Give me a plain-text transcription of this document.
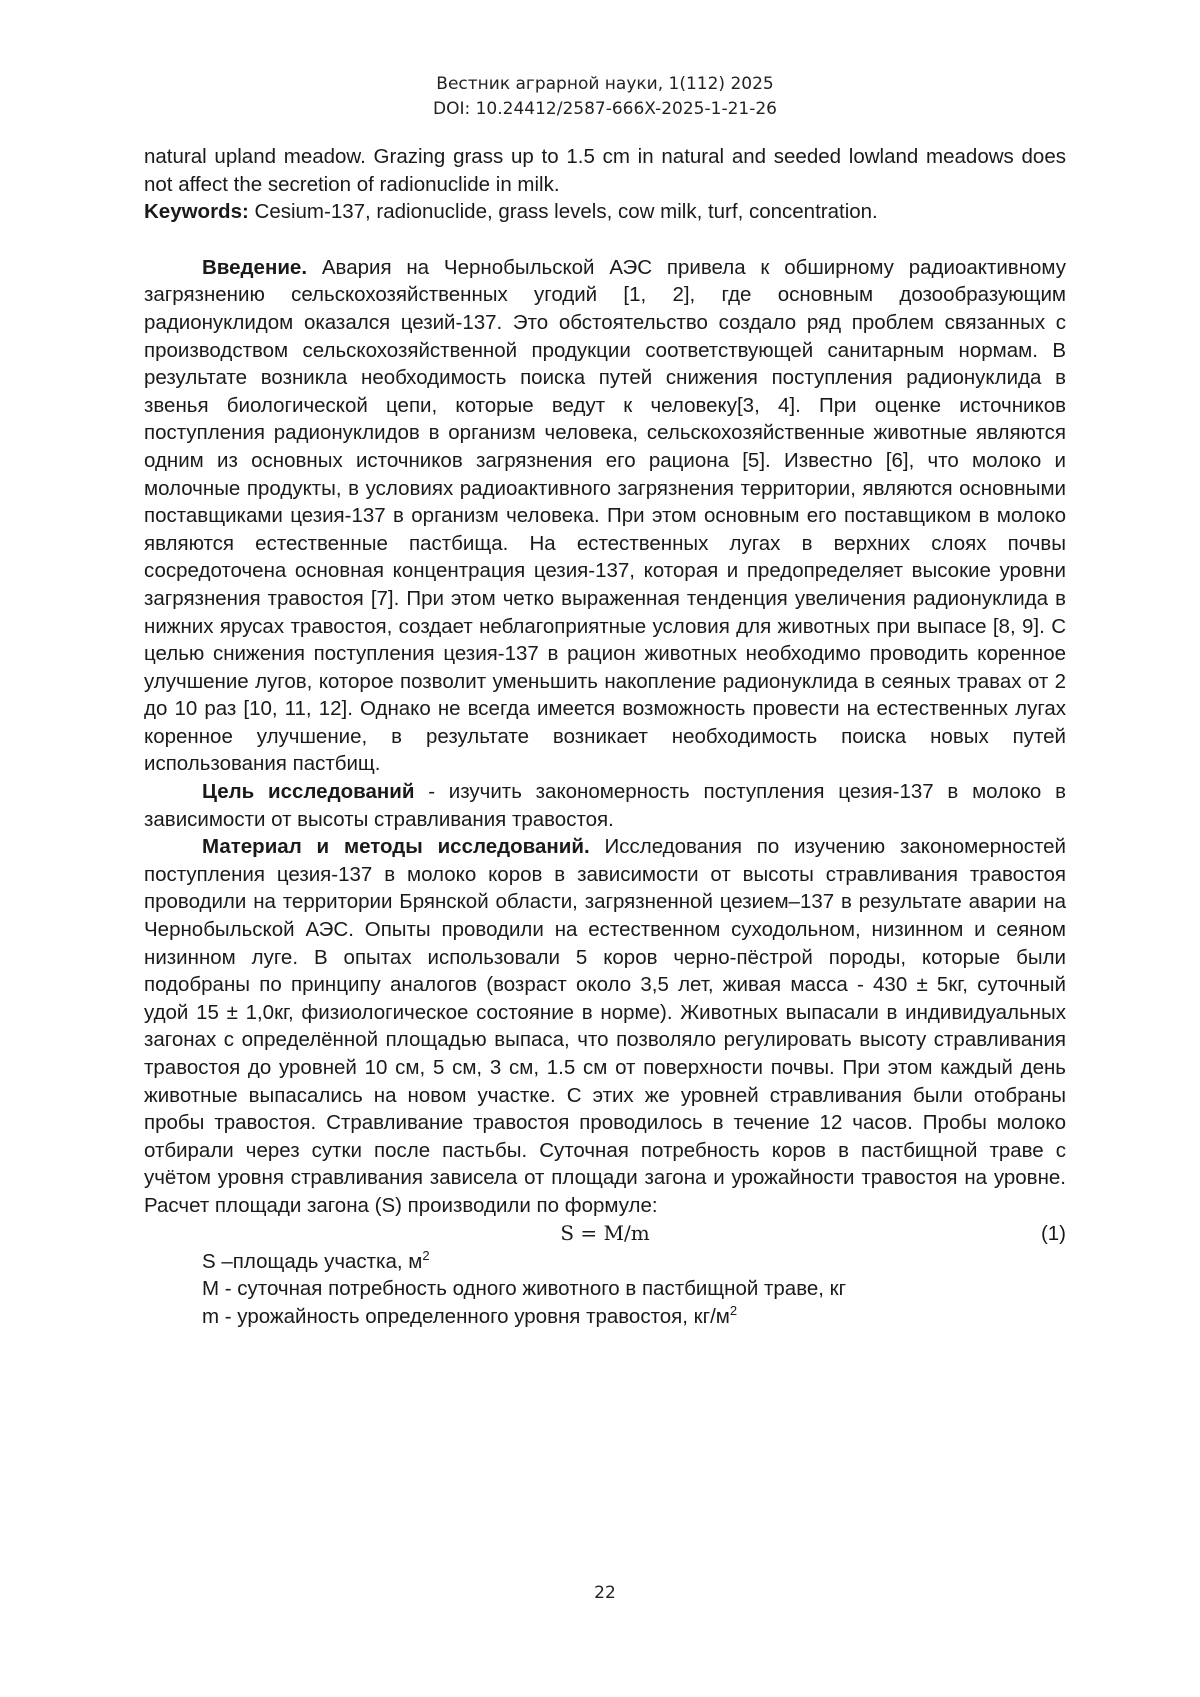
Вестник аграрной науки, 1(112) 2025
DOI: 10.24412/2587-666X-2025-1-21-26

natural upland meadow. Grazing grass up to 1.5 cm in natural and seeded lowland meadows does not affect the secretion of radionuclide in milk.

Keywords: Cesium-137, radionuclide, grass levels, cow milk, turf, concentration.

Введение. Авария на Чернобыльской АЭС привела к обширному радиоактивному загрязнению сельскохозяйственных угодий [1, 2], где основным дозообразующим радионуклидом оказался цезий-137. Это обстоятельство создало ряд проблем связанных с производством сельскохозяйственной продукции соответствующей санитарным нормам. В результате возникла необходимость поиска путей снижения поступления радионуклида в звенья биологической цепи, которые ведут к человеку[3, 4]. При оценке источников поступления радионуклидов в организм человека, сельскохозяйственные животные являются одним из основных источников загрязнения его рациона [5]. Известно [6], что молоко и молочные продукты, в условиях радиоактивного загрязнения территории, являются основными поставщиками цезия-137 в организм человека. При этом основным его поставщиком в молоко являются естественные пастбища. На естественных лугах в верхних слоях почвы сосредоточена основная концентрация цезия-137, которая и предопределяет высокие уровни загрязнения травостоя [7]. При этом четко выраженная тенденция увеличения радионуклида в нижних ярусах травостоя, создает неблагоприятные условия для животных при выпасе [8, 9]. С целью снижения поступления цезия-137 в рацион животных необходимо проводить коренное улучшение лугов, которое позволит уменьшить накопление радионуклида в сеяных травах от 2 до 10 раз [10, 11, 12]. Однако не всегда имеется возможность провести на естественных лугах коренное улучшение, в результате возникает необходимость поиска новых путей использования пастбищ.

Цель исследований - изучить закономерность поступления цезия-137 в молоко в зависимости от высоты стравливания травостоя.

Материал и методы исследований. Исследования по изучению закономерностей поступления цезия-137 в молоко коров в зависимости от высоты стравливания травостоя проводили на территории Брянской области, загрязненной цезием–137 в результате аварии на Чернобыльской АЭС. Опыты проводили на естественном суходольном, низинном и сеяном низинном луге. В опытах использовали 5 коров черно-пёстрой породы, которые были подобраны по принципу аналогов (возраст около 3,5 лет, живая масса - 430 ± 5кг, суточный удой 15 ± 1,0кг, физиологическое состояние в норме). Животных выпасали в индивидуальных загонах с определённой площадью выпаса, что позволяло регулировать высоту стравливания травостоя до уровней 10 см, 5 см, 3 см, 1.5 см от поверхности почвы. При этом каждый день животные выпасались на новом участке. С этих же уровней стравливания были отобраны пробы травостоя. Стравливание травостоя проводилось в течение 12 часов. Пробы молоко отбирали через сутки после пастьбы. Суточная потребность коров в пастбищной траве с учётом уровня стравливания зависела от площади загона и урожайности травостоя на уровне. Расчет площади загона (S) производили по формуле:

S = M/m	(1)

S –площадь участка, $м^2$

М - суточная потребность одного животного в пастбищной траве, кг

m - урожайность определенного уровня травостоя, $кг/м^2$

22
